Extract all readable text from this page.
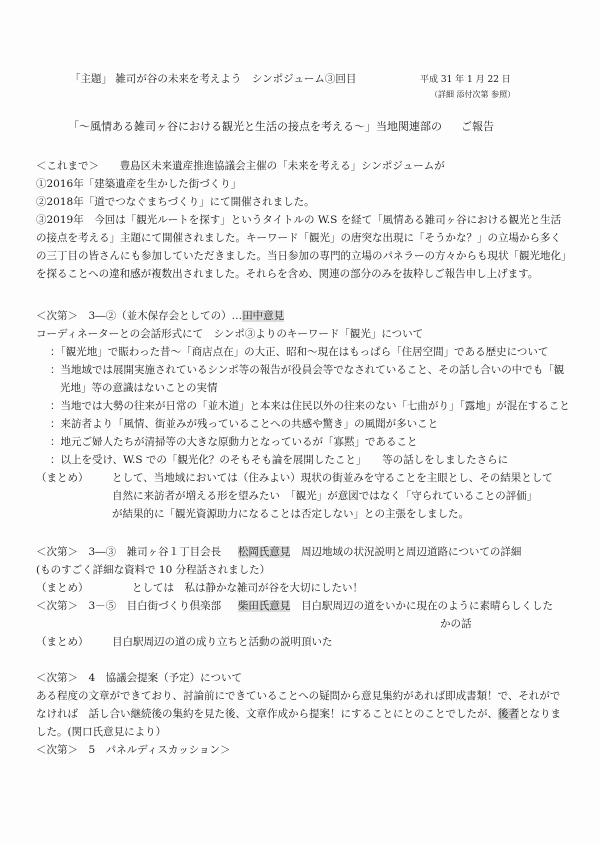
「主題」 雑司が谷の未来を考えよう　シンポジューム③回目	平成 31 年 1 月 22 日
（詳細 添付次第 参照）
「～風情ある雑司ヶ谷における観光と生活の接点を考える～」当地関連部の ご報告
＜これまで＞ 豊島区未来遺産推進協議会主催の「未来を考える」シンポジュームが
①2016年「建築遺産を生かした街づくり」
②2018年「道でつなぐまちづくり」にて開催されました。
③2019年　今回は「観光ルートを探す」というタイトルの W.S を経て「風情ある雑司ヶ谷における観光と生活
の接点を考える」主題にて開催されました。キーワード「観光」の唐突な出現に「そうかな？」の立場から多く
の三丁目の皆さんにも参加していただきました。当日参加の専門的立場のパネラーの方々からも現状「観光地化」
を探ることへの違和感が複数出されました。それらを含め、関連の部分のみを抜粋しご報告申し上げます。
＜次第＞　3―②（並木保存会としての）…田中意見
コーディネーターとの会話形式にて　シンポ③よりのキーワード「観光」について
：「観光地」で賑わった昔～「商店点在」の大正、昭和～現在はもっぱら「住居空間」である歴史について
：当地域では展開実施されているシンポ等の報告が役員会等でなされていること、その話し合いの中でも「観
光地」等の意識はないことの実情
：当地では大勢の往来が日常の「並木道」と本来は住民以外の往来のない「七曲がり」「露地」が混在すること
：来訪者より「風情、街並みが残っていることへの共感や驚き」の風聞が多いこと
：地元ご婦人たちが清掃等の大きな原動力となっているが「寡黙」であること
：以上を受け、W.S での「観光化？のそもそも論を展開したこと」　　等の話しをしましたさらに
（まとめ） として、当地域においては（住みよい）現状の街並みを守ることを主眼とし、その結果として
自然に来訪者が増える形を望みたい　「観光」が意図ではなく「守られていることの評価」
が結果的に「観光資源助力になることは否定しない」との主張をしました。
＜次第＞　3―③　雑司ヶ谷１丁目会長 松岡氏意見 周辺地域の状況説明と周辺道路についての詳細
(ものすごく詳細な資料で 10 分程話されました）
（まとめ）	としては　私は静かな雑司が谷を大切にしたい！
＜次第＞　3－⑤　目白街づくり倶楽部 柴田氏意見 目白駅周辺の道をいかに現在のように素晴らしくした
かの話
（まとめ） 目白駅周辺の道の成り立ちと活動の説明頂いた
＜次第＞　4　協議会提案（予定）について
ある程度の文章ができており、討論前にできていることへの疑問から意見集約があれば即成書類！で、それがで
なければ　話し合い継続後の集約を見た後、文章作成から提案！にすることにとのことでしたが、後者となりま
した。(関口氏意見により）
＜次第＞　5　パネルディスカッション＞
